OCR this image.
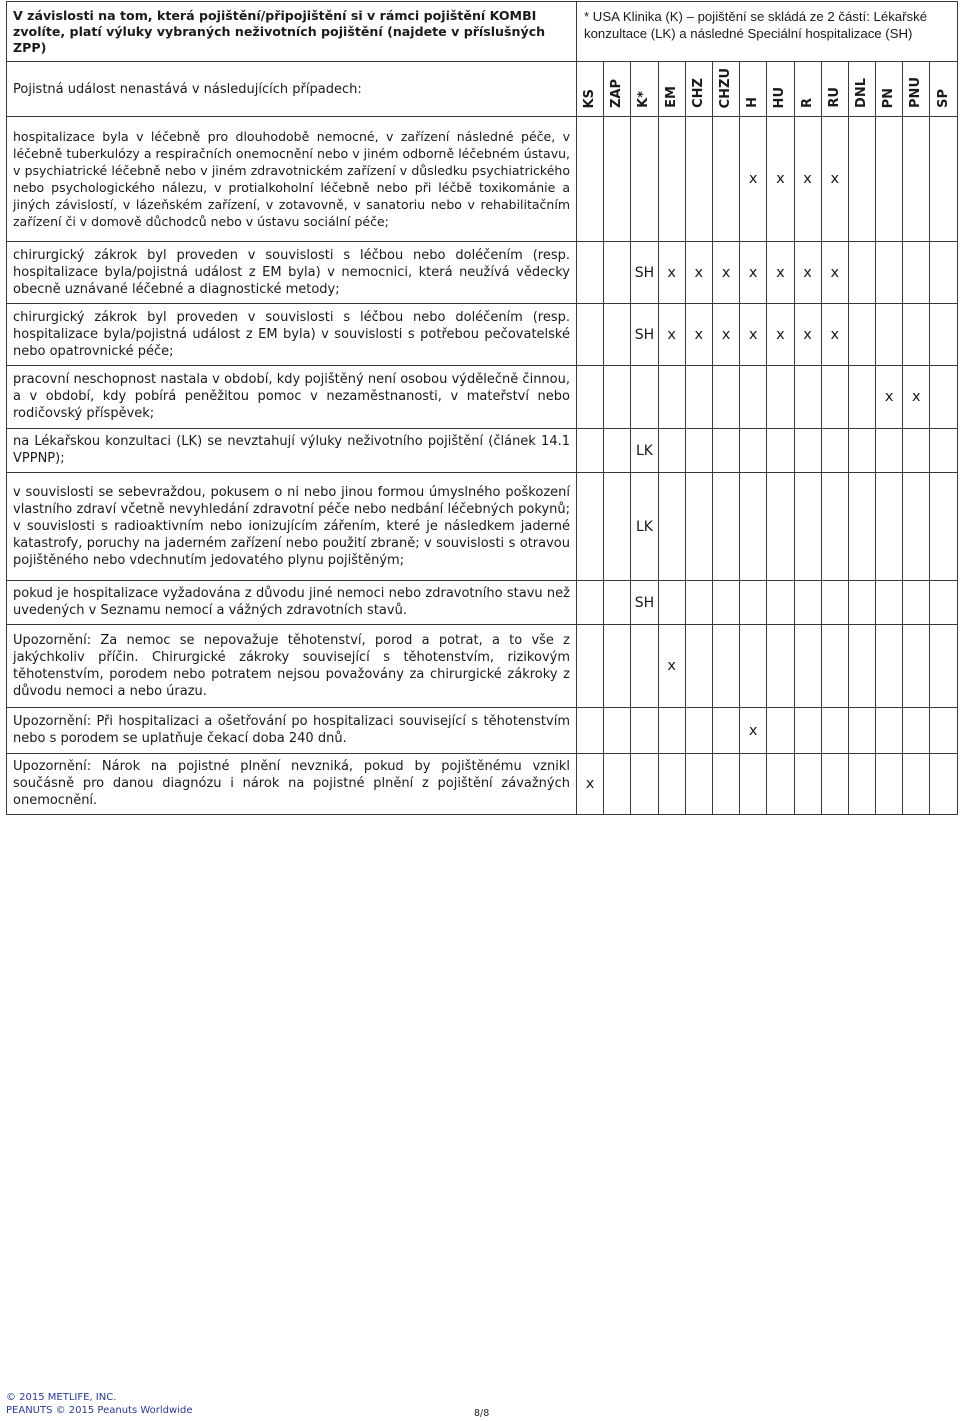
V závislosti na tom, která pojištění/připojištění si v rámci pojištění KOMBI zvolíte, platí výluky vybraných neživotních pojištění (najdete v příslušných ZPP)	* USA Klinika (K) – pojištění se skládá ze 2 částí: Lékařské konzultace (LK) a následné Speciální hospitalizace (SH)													
Pojistná událost nenastává v následujících případech:	KS	ZAP	K*	EM	CHZ	CHZU	H	HU	R	RU	DNL	PN	PNU	SP
hospitalizace byla v léčebně pro dlouhodobě nemocné, v zařízení následné péče, v léčebně tuberkulózy a respiračních onemocnění nebo v jiném odborně léčebném ústavu, v psychiatrické léčebně nebo v jiném zdravotnickém zařízení v důsledku psychiatrického nebo psychologického nálezu, v protialkoholní léčebně nebo při léčbě toxikománie a jiných závislostí, v lázeňském zařízení, v zotavovně, v sanatoriu nebo v rehabilitačním zařízení či v domově důchodců nebo v ústavu sociální péče;							x	x	x	x				
chirurgický zákrok byl proveden v souvislosti s léčbou nebo doléčením (resp. hospitalizace byla/pojistná událost z EM byla) v nemocnici, která neužívá vědecky obecně uznávané léčebné a diagnostické metody;			SH	x	x	x	x	x	x	x				
chirurgický zákrok byl proveden v souvislosti s léčbou nebo doléčením (resp. hospitalizace byla/pojistná událost z EM byla) v souvislosti s potřebou pečovatelské nebo opatrovnické péče;			SH	x	x	x	x	x	x	x				
pracovní neschopnost nastala v období, kdy pojištěný není osobou výdělečně činnou, a v období, kdy pobírá peněžitou pomoc v nezaměstnanosti, v mateřství nebo rodičovský příspěvek;												x	x	
na Lékařskou konzultaci (LK) se nevztahují výluky neživotního pojištění (článek 14.1 VPPNP);			LK											
v souvislosti se sebevraždou, pokusem o ni nebo jinou formou úmyslného poškození vlastního zdraví včetně nevyhledání zdravotní péče nebo nedbání léčebných pokynů; v souvislosti s radioaktivním nebo ionizujícím zářením, které je následkem jaderné katastrofy, poruchy na jaderném zařízení nebo použití zbraně; v souvislosti s otravou pojištěného nebo vdechnutím jedovatého plynu pojištěným;			LK											
pokud je hospitalizace vyžadována z důvodu jiné nemoci nebo zdravotního stavu než uvedených v Seznamu nemocí a vážných zdravotních stavů.			SH											
Upozornění: Za nemoc se nepovažuje těhotenství, porod a potrat, a to vše z jakýchkoliv příčin. Chirurgické zákroky související s těhotenstvím, rizikovým těhotenstvím, porodem nebo potratem nejsou považovány za chirurgické zákroky z důvodu nemoci a nebo úrazu.				x										
Upozornění: Při hospitalizaci a ošetřování po hospitalizaci související s těhotenstvím nebo s porodem se uplatňuje čekací doba 240 dnů.							x							
Upozornění: Nárok na pojistné plnění nevzniká, pokud by pojištěnému vznikl součásně pro danou diagnózu i nárok na pojistné plnění z pojištění závažných onemocnění.	x													
© 2015 METLIFE, INC.
PEANUTS © 2015 Peanuts Worldwide	8/8
